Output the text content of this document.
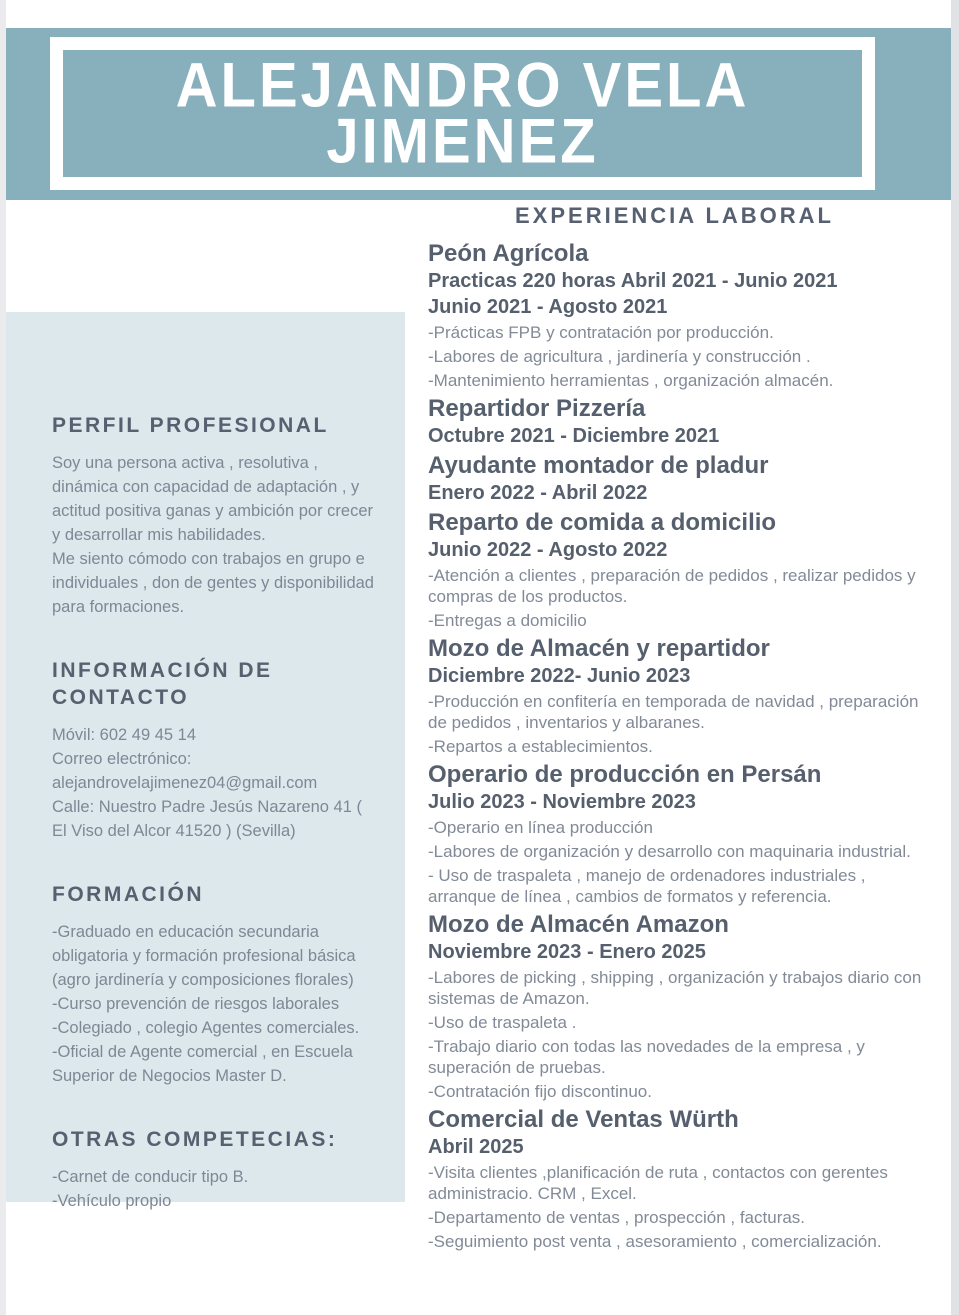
ALEJANDRO VELA
JIMENEZ
EXPERIENCIA LABORAL
PERFIL PROFESIONAL

Soy una persona activa , resolutiva , dinámica con capacidad de adaptación , y actitud positiva ganas y ambición por crecer y desarrollar mis habilidades.

Me siento cómodo con trabajos en grupo e individuales , don de gentes y disponibilidad para formaciones.

INFORMACIÓN DE CONTACTO

Móvil: 602 49 45 14

Correo electrónico:

alejandrovelajimenez04@gmail.com

Calle: Nuestro Padre Jesús Nazareno 41 ( El Viso del Alcor 41520 ) (Sevilla)

FORMACIÓN

-Graduado en educación secundaria obligatoria y formación profesional básica (agro jardinería y composiciones florales)

-Curso prevención de riesgos laborales

-Colegiado , colegio Agentes comerciales.

-Oficial de Agente comercial , en Escuela Superior de Negocios Master D.

OTRAS COMPETECIAS:

-Carnet de conducir tipo B.

-Vehículo propio

Peón Agrícola
Practicas 220 horas Abril 2021 - Junio 2021
Junio 2021 - Agosto 2021

-Prácticas FPB y contratación por producción.

-Labores de agricultura , jardinería y construcción .

-Mantenimiento herramientas , organización almacén.

Repartidor Pizzería
Octubre 2021 - Diciembre 2021
Ayudante montador de pladur
Enero 2022 - Abril 2022
Reparto de comida a domicilio
Junio 2022 - Agosto 2022

-Atención a clientes , preparación de pedidos , realizar pedidos y compras de los productos.

-Entregas a domicilio

Mozo de Almacén y repartidor
Diciembre 2022- Junio 2023

-Producción en confitería en temporada de navidad , preparación de pedidos , inventarios y albaranes.

-Repartos a establecimientos.

Operario de producción en Persán
Julio 2023 - Noviembre 2023

-Operario en línea producción

-Labores de organización y desarrollo con maquinaria industrial.

- Uso de traspaleta , manejo de ordenadores industriales , arranque de línea , cambios de formatos y referencia.

Mozo de Almacén Amazon
Noviembre 2023 - Enero 2025

-Labores de picking , shipping , organización y trabajos diario con sistemas de Amazon.

-Uso de traspaleta .

-Trabajo diario con todas las novedades de la empresa , y superación de pruebas.

-Contratación fijo discontinuo.

Comercial de Ventas Würth
Abril 2025

-Visita clientes ,planificación de ruta , contactos con gerentes administracio. CRM , Excel.

-Departamento de ventas , prospección , facturas.

-Seguimiento post venta , asesoramiento , comercialización.
